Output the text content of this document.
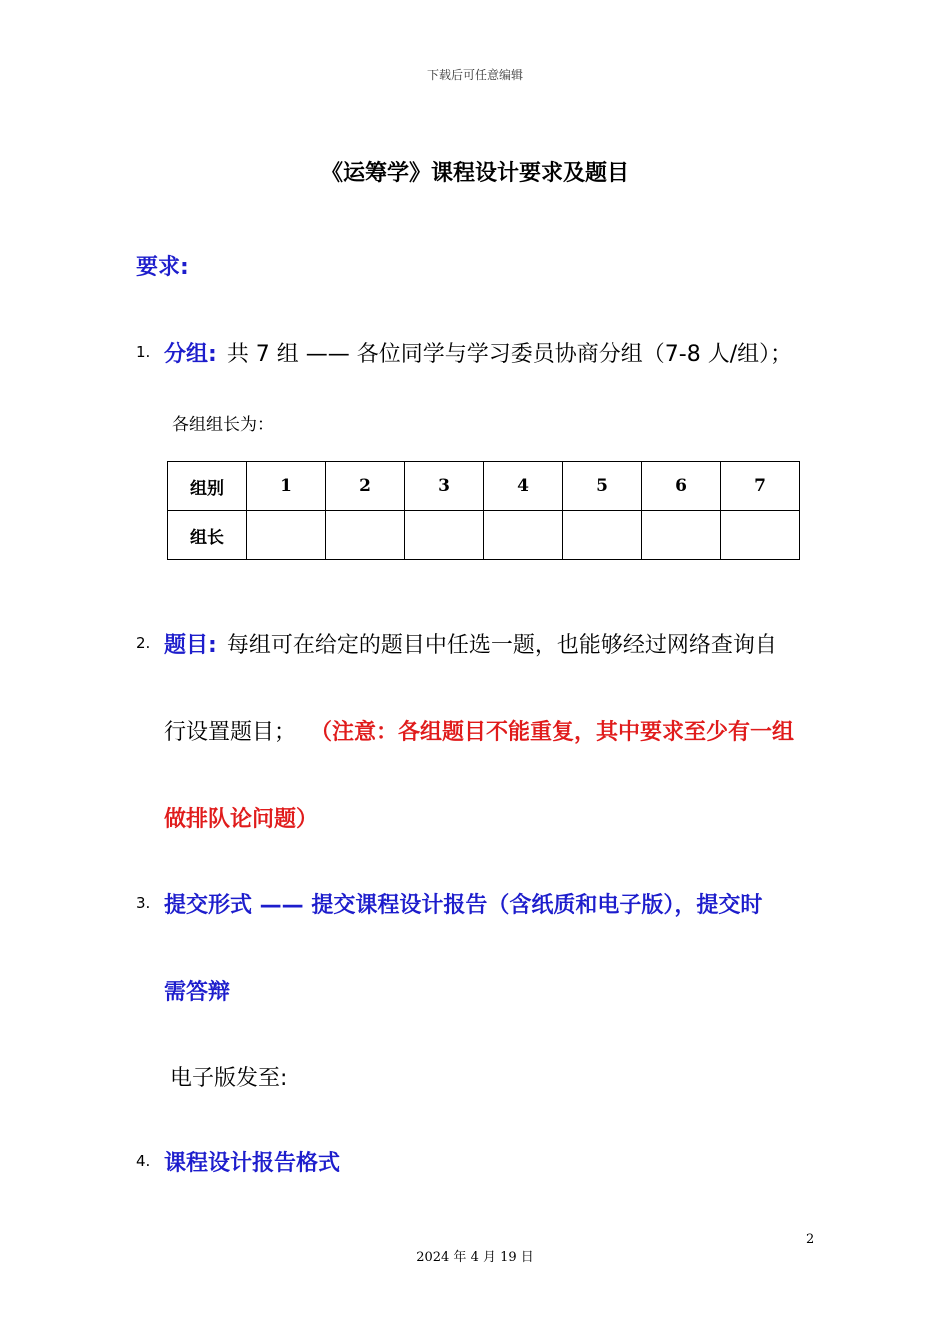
下载后可任意编辑
《运筹学》课程设计要求及题目
要求:
1. 分组: 共 7 组 —— 各位同学与学习委员协商分组（7-8 人/组）；
各组组长为：
组别	1	2	3	4	5	6	7
组长							
2. 题目: 每组可在给定的题目中任选一题，也能够经过网络查询自
行设置题目； （注意：各组题目不能重复，其中要求至少有一组
做排队论问题）
3. 提交形式 —— 提交课程设计报告（含纸质和电子版），提交时
需答辩
电子版发至:
4. 课程设计报告格式
2
2024 年 4 月 19 日
